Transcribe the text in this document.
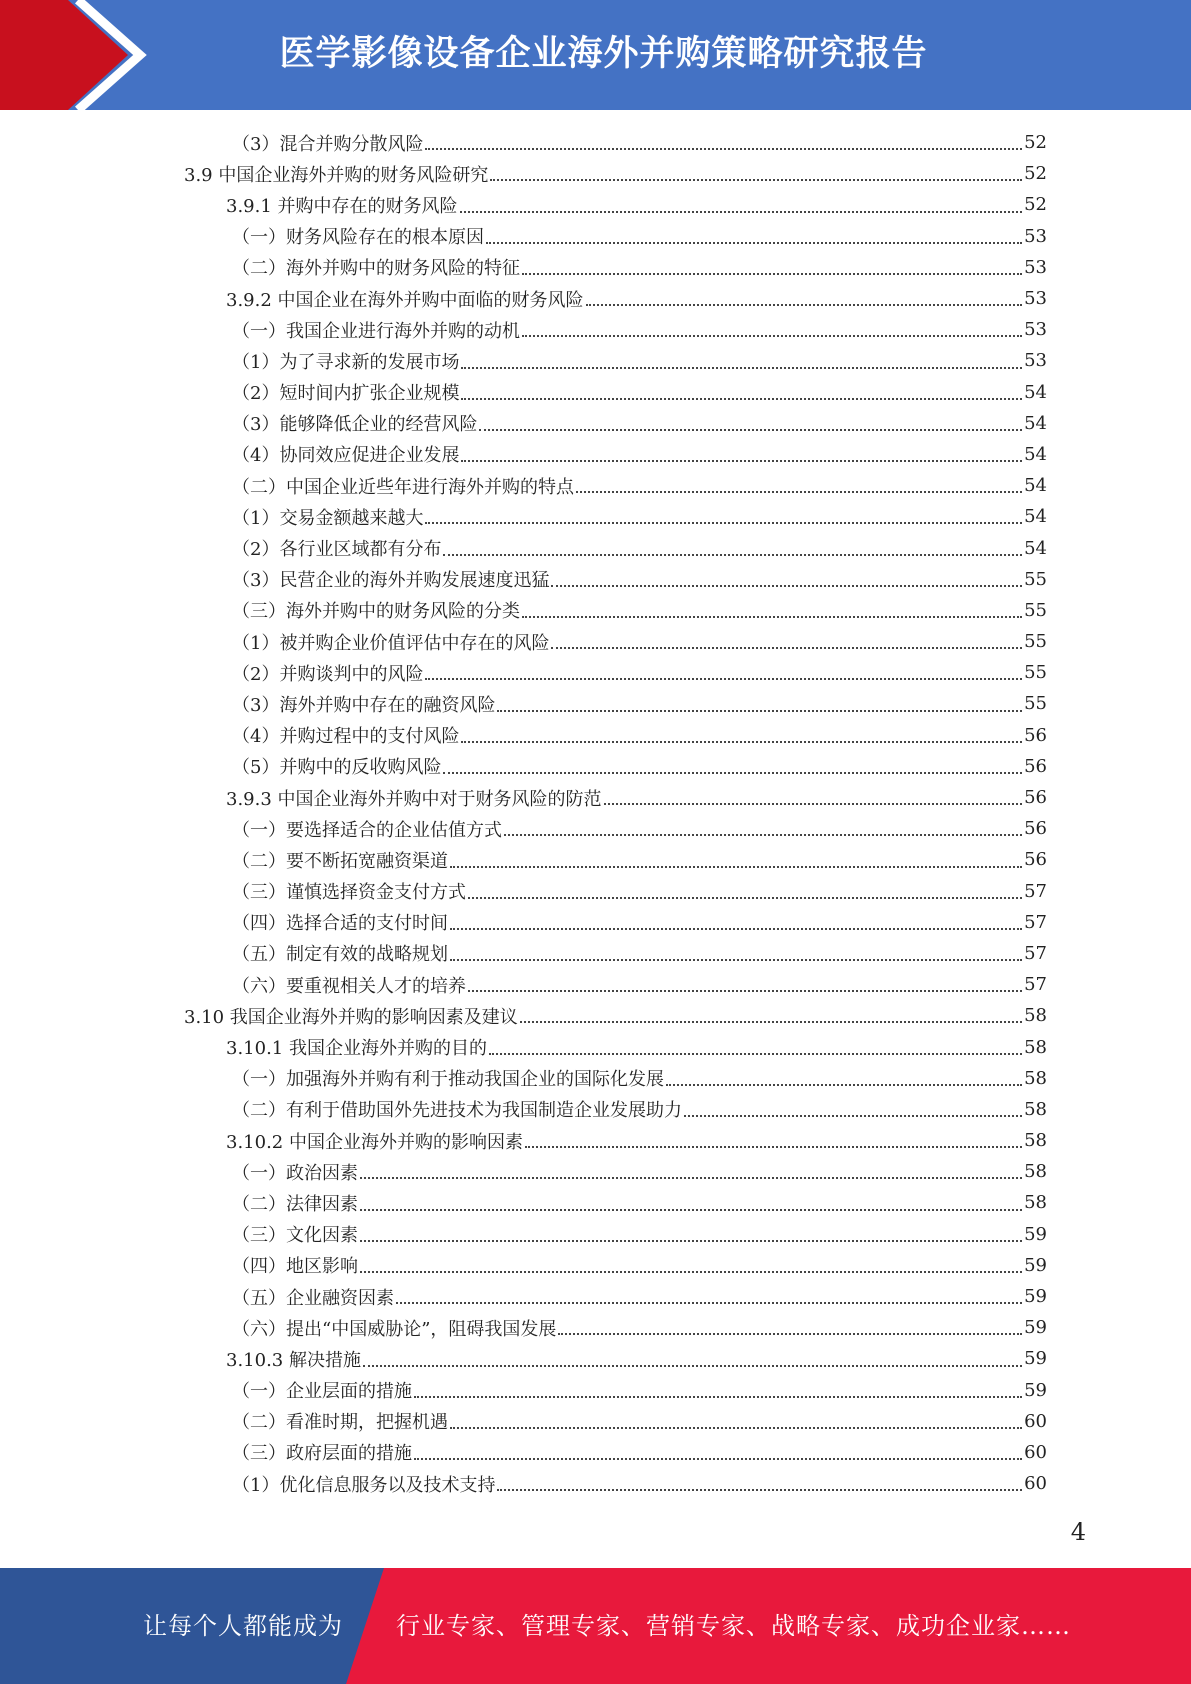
医学影像设备企业海外并购策略研究报告
（3）混合并购分散风险	52
3.9 中国企业海外并购的财务风险研究	52
3.9.1 并购中存在的财务风险	52
（一）财务风险存在的根本原因	53
（二）海外并购中的财务风险的特征	53
3.9.2 中国企业在海外并购中面临的财务风险	53
（一）我国企业进行海外并购的动机	53
（1）为了寻求新的发展市场	53
（2）短时间内扩张企业规模	54
（3）能够降低企业的经营风险	54
（4）协同效应促进企业发展	54
（二）中国企业近些年进行海外并购的特点	54
（1）交易金额越来越大	54
（2）各行业区域都有分布	54
（3）民营企业的海外并购发展速度迅猛	55
（三）海外并购中的财务风险的分类	55
（1）被并购企业价值评估中存在的风险	55
（2）并购谈判中的风险	55
（3）海外并购中存在的融资风险	55
（4）并购过程中的支付风险	56
（5）并购中的反收购风险	56
3.9.3 中国企业海外并购中对于财务风险的防范	56
（一）要选择适合的企业估值方式	56
（二）要不断拓宽融资渠道	56
（三）谨慎选择资金支付方式	57
（四）选择合适的支付时间	57
（五）制定有效的战略规划	57
（六）要重视相关人才的培养	57
3.10 我国企业海外并购的影响因素及建议	58
3.10.1 我国企业海外并购的目的	58
（一）加强海外并购有利于推动我国企业的国际化发展	58
（二）有利于借助国外先进技术为我国制造企业发展助力	58
3.10.2 中国企业海外并购的影响因素	58
（一）政治因素	58
（二）法律因素	58
（三）文化因素	59
（四）地区影响	59
（五）企业融资因素	59
（六）提出“中国威胁论”，阻碍我国发展	59
3.10.3 解决措施	59
（一）企业层面的措施	59
（二）看准时期，把握机遇	60
（三）政府层面的措施	60
（1）优化信息服务以及技术支持	60
4
让每个人都能成为 行业专家、管理专家、营销专家、战略专家、成功企业家……
